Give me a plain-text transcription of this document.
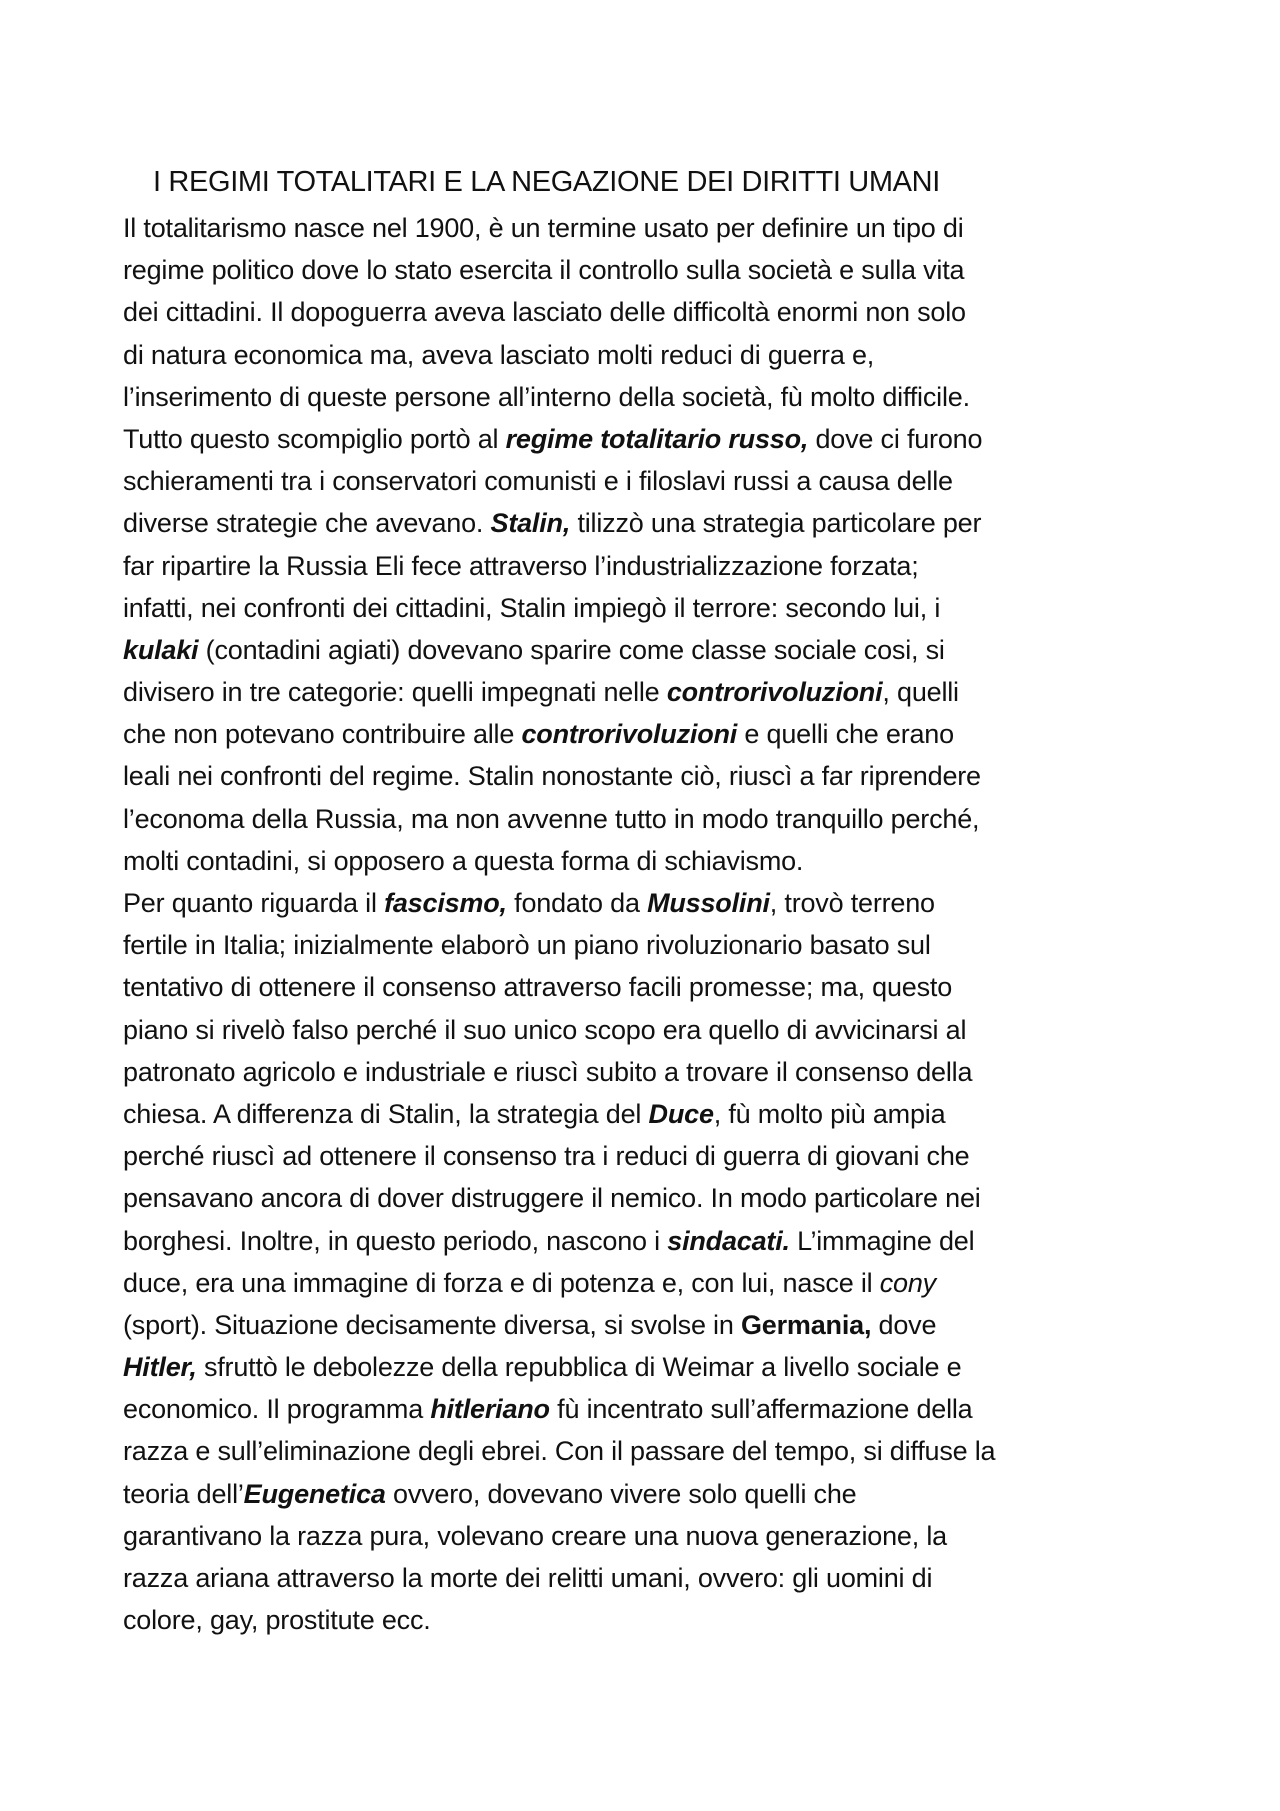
I REGIMI TOTALITARI E LA NEGAZIONE DEI DIRITTI UMANI
Il totalitarismo nasce nel 1900, è un termine usato per definire un tipo di
regime politico dove lo stato esercita il controllo sulla società e sulla vita
dei cittadini. Il dopoguerra aveva lasciato delle difficoltà enormi non solo
di natura economica ma, aveva lasciato molti reduci di guerra e,
l’inserimento di queste persone all’interno della società, fù molto difficile.
Tutto questo scompiglio portò al regime totalitario russo, dove ci furono
schieramenti tra i conservatori comunisti e i filoslavi russi a causa delle
diverse strategie che avevano. Stalin, tilizzò una strategia particolare per
far ripartire la Russia Eli fece attraverso l’industrializzazione forzata;
infatti, nei confronti dei cittadini, Stalin impiegò il terrore: secondo lui, i
kulaki (contadini agiati) dovevano sparire come classe sociale cosi, si
divisero in tre categorie: quelli impegnati nelle controrivoluzioni, quelli
che non potevano contribuire alle controrivoluzioni e quelli che erano
leali nei confronti del regime. Stalin nonostante ciò, riuscì a far riprendere
l’economa della Russia, ma non avvenne tutto in modo tranquillo perché,
molti contadini, si opposero a questa forma di schiavismo.
Per quanto riguarda il fascismo, fondato da Mussolini, trovò terreno
fertile in Italia; inizialmente elaborò un piano rivoluzionario basato sul
tentativo di ottenere il consenso attraverso facili promesse; ma, questo
piano si rivelò falso perché il suo unico scopo era quello di avvicinarsi al
patronato agricolo e industriale e riuscì subito a trovare il consenso della
chiesa. A differenza di Stalin, la strategia del Duce, fù molto più ampia
perché riuscì ad ottenere il consenso tra i reduci di guerra di giovani che
pensavano ancora di dover distruggere il nemico. In modo particolare nei
borghesi. Inoltre, in questo periodo, nascono i sindacati. L’immagine del
duce, era una immagine di forza e di potenza e, con lui, nasce il cony
(sport). Situazione decisamente diversa, si svolse in Germania, dove
Hitler, sfruttò le debolezze della repubblica di Weimar a livello sociale e
economico. Il programma hitleriano fù incentrato sull’affermazione della
razza e sull’eliminazione degli ebrei. Con il passare del tempo, si diffuse la
teoria dell’Eugenetica ovvero, dovevano vivere solo quelli che
garantivano la razza pura, volevano creare una nuova generazione, la
razza ariana attraverso la morte dei relitti umani, ovvero: gli uomini di
colore, gay, prostitute ecc.
